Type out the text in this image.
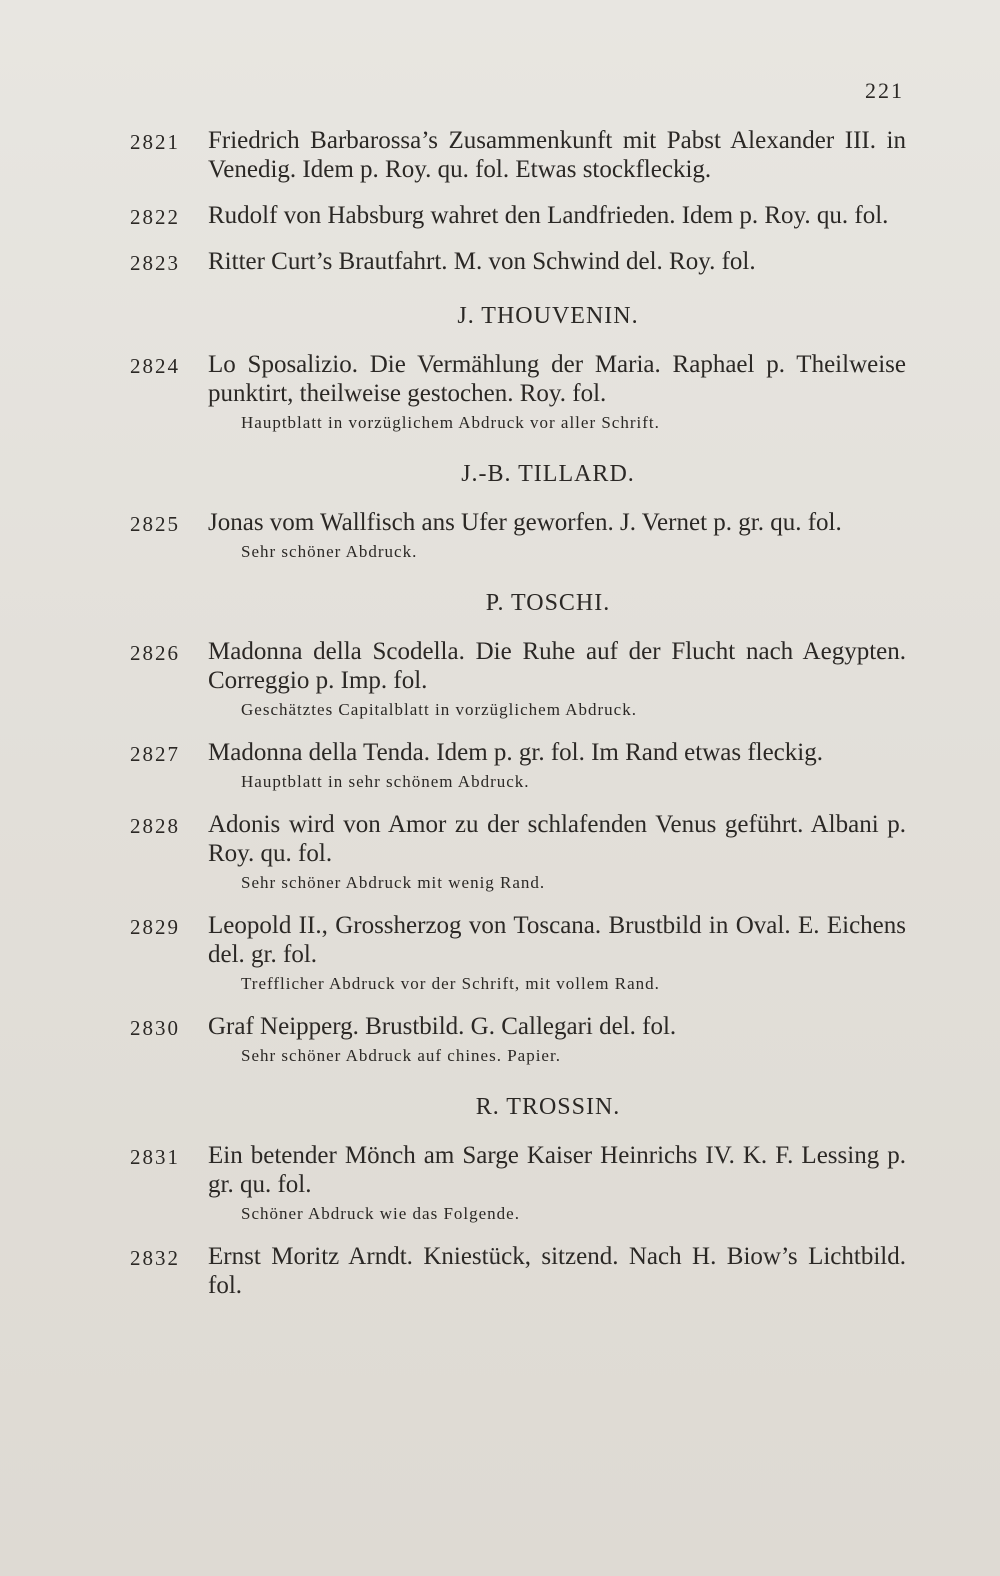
221
2821 Friedrich Barbarossa’s Zusammenkunft mit Pabst Alexander III. in Venedig. Idem p. Roy. qu. fol. Etwas stockfleckig.
2822 Rudolf von Habsburg wahret den Landfrieden. Idem p. Roy. qu. fol.
2823 Ritter Curt’s Brautfahrt. M. von Schwind del. Roy. fol.
J. THOUVENIN.
2824 Lo Sposalizio. Die Vermählung der Maria. Raphael p. Theilweise punktirt, theilweise gestochen. Roy. fol.
Hauptblatt in vorzüglichem Abdruck vor aller Schrift.
J.-B. TILLARD.
2825 Jonas vom Wallfisch ans Ufer geworfen. J. Vernet p. gr. qu. fol.
Sehr schöner Abdruck.
P. TOSCHI.
2826 Madonna della Scodella. Die Ruhe auf der Flucht nach Aegypten. Correggio p. Imp. fol.
Geschätztes Capitalblatt in vorzüglichem Abdruck.
2827 Madonna della Tenda. Idem p. gr. fol. Im Rand etwas fleckig.
Hauptblatt in sehr schönem Abdruck.
2828 Adonis wird von Amor zu der schlafenden Venus geführt. Albani p. Roy. qu. fol.
Sehr schöner Abdruck mit wenig Rand.
2829 Leopold II., Grossherzog von Toscana. Brustbild in Oval. E. Eichens del. gr. fol.
Trefflicher Abdruck vor der Schrift, mit vollem Rand.
2830 Graf Neipperg. Brustbild. G. Callegari del. fol.
Sehr schöner Abdruck auf chines. Papier.
R. TROSSIN.
2831 Ein betender Mönch am Sarge Kaiser Heinrichs IV. K. F. Lessing p. gr. qu. fol.
Schöner Abdruck wie das Folgende.
2832 Ernst Moritz Arndt. Kniestück, sitzend. Nach H. Biow’s Lichtbild. fol.
